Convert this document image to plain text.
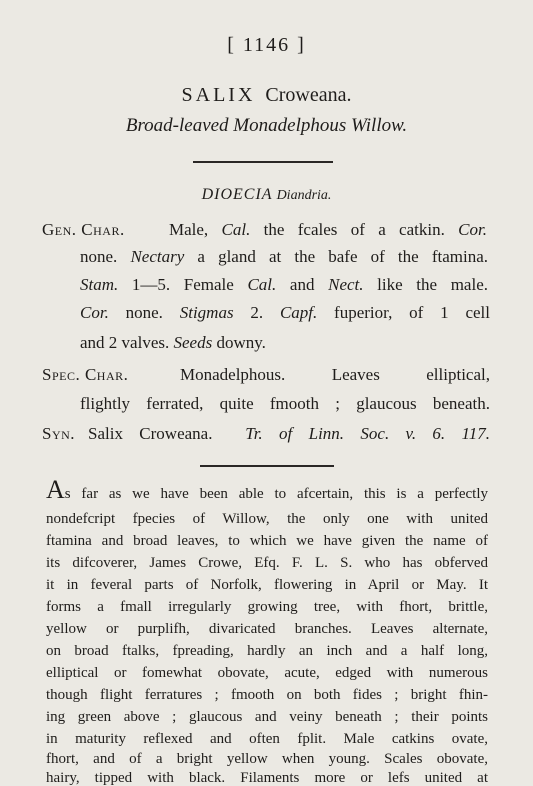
[ 1146 ]
SALIX Croweana.
Broad-leaved Monadelphous Willow.
DIOECIA Diandria.
Gen. Char.	Male, Cal. the fcales of a catkin. Cor.
none. Nectary a gland at the bafe of the ftamina.
Stam. 1—5. Female Cal. and Nect. like the male.
Cor. none. Stigmas 2. Capf. fuperior, of 1 cell
and 2 valves. Seeds downy.
Spec. Char.	Monadelphous. Leaves elliptical,
flightly ferrated, quite fmooth ; glaucous beneath.
Syn. Salix Croweana. Tr. of Linn. Soc. v. 6. 117.
As far as we have been able to afcertain, this is a perfectly
nondefcript fpecies of Willow, the only one with united
ftamina and broad leaves, to which we have given the name of
its difcoverer, James Crowe, Efq. F. L. S. who has obferved
it in feveral parts of Norfolk, flowering in April or May. It
forms a fmall irregularly growing tree, with fhort, brittle,
yellow or purplifh, divaricated branches. Leaves alternate,
on broad ftalks, fpreading, hardly an inch and a half long,
elliptical or fomewhat obovate, acute, edged with numerous
though flight ferratures ; fmooth on both fides ; bright fhin-
ing green above ; glaucous and veiny beneath ; their points
in maturity reflexed and often fplit. Male catkins ovate,
fhort, and of a bright yellow when young. Scales obovate,
hairy, tipped with black. Filaments more or lefs united at
